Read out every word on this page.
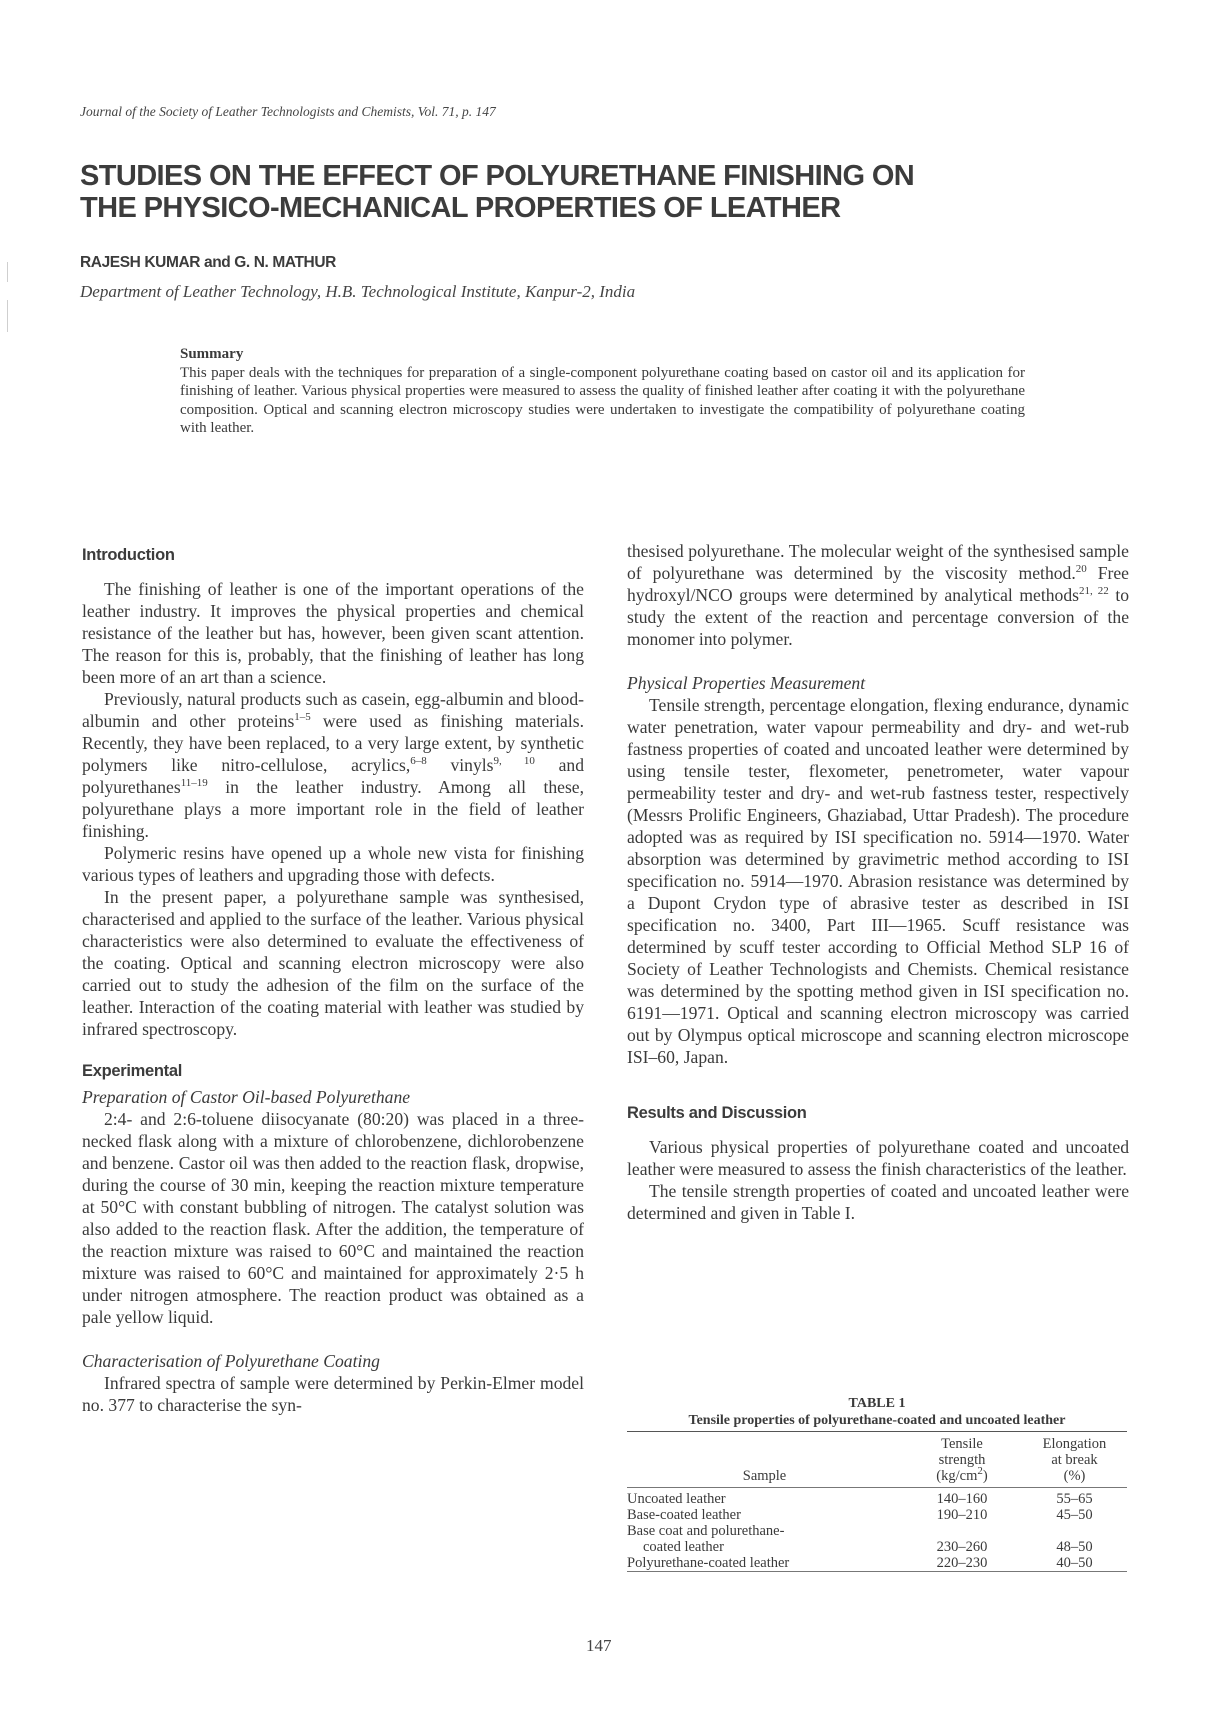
Journal of the Society of Leather Technologists and Chemists, Vol. 71, p. 147
STUDIES ON THE EFFECT OF POLYURETHANE FINISHING ON
THE PHYSICO-MECHANICAL PROPERTIES OF LEATHER
RAJESH KUMAR and G. N. MATHUR
Department of Leather Technology, H.B. Technological Institute, Kanpur-2, India
Summary

This paper deals with the techniques for preparation of a single-component polyurethane coating based on castor oil and its application for finishing of leather. Various physical properties were measured to assess the quality of finished leather after coating it with the polyurethane composition. Optical and scanning electron microscopy studies were undertaken to investigate the compatibility of polyurethane coating with leather.

Introduction

The finishing of leather is one of the important operations of the leather industry. It improves the physical properties and chemical resistance of the leather but has, however, been given scant attention. The reason for this is, probably, that the finishing of leather has long been more of an art than a science.

Previously, natural products such as casein, egg-albumin and blood-albumin and other proteins$^{1-5}$ were used as finishing materials. Recently, they have been replaced, to a very large extent, by synthetic polymers like nitro-cellulose, acrylics,$^{6-8}$ vinyls$^{9, 10}$ and polyurethanes$^{11-19}$ in the leather industry. Among all these, polyurethane plays a more important role in the field of leather finishing.

Polymeric resins have opened up a whole new vista for finishing various types of leathers and upgrading those with defects.

In the present paper, a polyurethane sample was synthesised, characterised and applied to the surface of the leather. Various physical characteristics were also determined to evaluate the effectiveness of the coating. Optical and scanning electron microscopy were also carried out to study the adhesion of the film on the surface of the leather. Interaction of the coating material with leather was studied by infrared spectroscopy.

Experimental
Preparation of Castor Oil-based Polyurethane

2:4- and 2:6-toluene diisocyanate (80:20) was placed in a three-necked flask along with a mixture of chlorobenzene, dichlorobenzene and benzene. Castor oil was then added to the reaction flask, dropwise, during the course of 30 min, keeping the reaction mixture temperature at 50°C with constant bubbling of nitrogen. The catalyst solution was also added to the reaction flask. After the addition, the temperature of the reaction mixture was raised to 60°C and maintained the reaction mixture was raised to 60°C and maintained for approximately 2·5 h under nitrogen atmosphere. The reaction product was obtained as a pale yellow liquid.

Characterisation of Polyurethane Coating

Infrared spectra of sample were determined by Perkin-Elmer model no. 377 to characterise the syn-

thesised polyurethane. The molecular weight of the synthesised sample of polyurethane was determined by the viscosity method.$^{20}$ Free hydroxyl/NCO groups were determined by analytical methods$^{21, 22}$ to study the extent of the reaction and percentage conversion of the monomer into polymer.

Physical Properties Measurement

Tensile strength, percentage elongation, flexing endurance, dynamic water penetration, water vapour permeability and dry- and wet-rub fastness properties of coated and uncoated leather were determined by using tensile tester, flexometer, penetrometer, water vapour permeability tester and dry- and wet-rub fastness tester, respectively (Messrs Prolific Engineers, Ghaziabad, Uttar Pradesh). The procedure adopted was as required by ISI specification no. 5914—1970. Water absorption was determined by gravimetric method according to ISI specification no. 5914—1970. Abrasion resistance was determined by a Dupont Crydon type of abrasive tester as described in ISI specification no. 3400, Part III—1965. Scuff resistance was determined by scuff tester according to Official Method SLP 16 of Society of Leather Technologists and Chemists. Chemical resistance was determined by the spotting method given in ISI specification no. 6191—1971. Optical and scanning electron microscopy was carried out by Olympus optical microscope and scanning electron microscope ISI–60, Japan.

Results and Discussion

Various physical properties of polyurethane coated and uncoated leather were measured to assess the finish characteristics of the leather.

The tensile strength properties of coated and uncoated leather were determined and given in Table I.

TABLE 1
Tensile properties of polyurethane-coated and uncoated leather
Sample	
Tensile
strength
$(kg/cm^2)$

Elongation
at break
(%)

Uncoated leather	140–160	55–65
Base-coated leather	190–210	45–50

Base coat and polurethane-
coated leather	230–260	48–50
Polyurethane-coated leather	220–230	40–50
147
